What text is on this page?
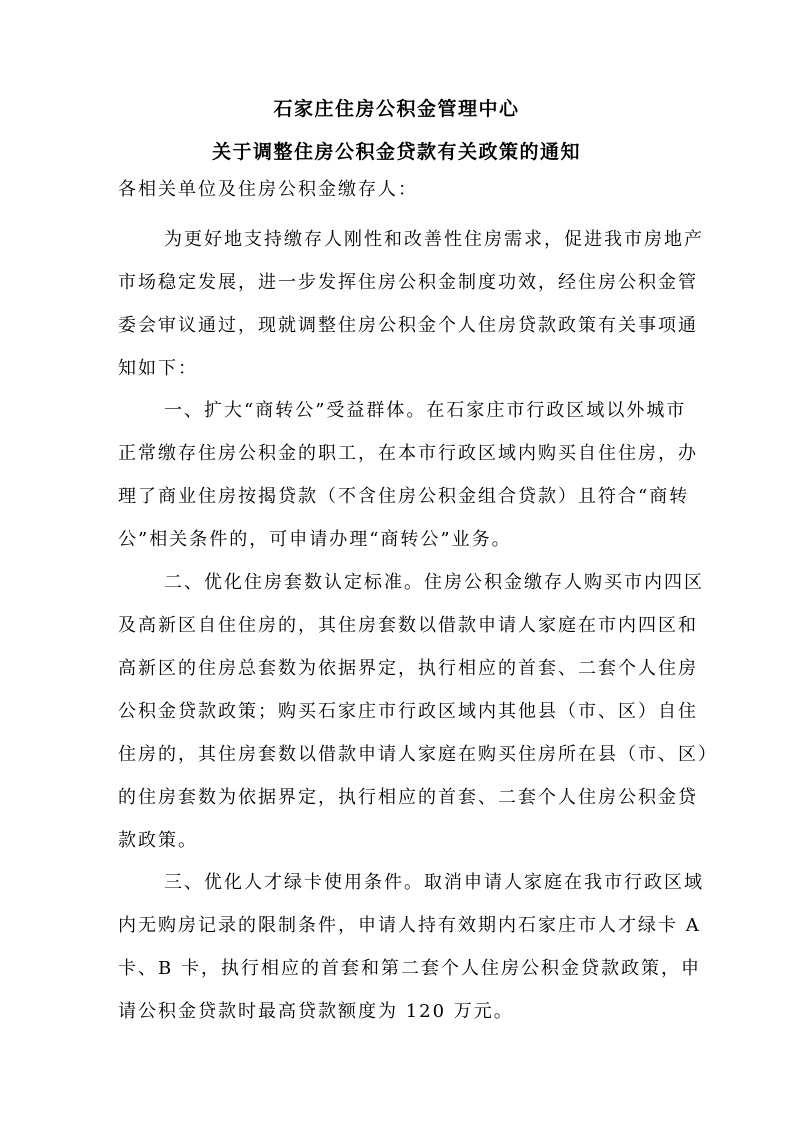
石家庄住房公积金管理中心
关于调整住房公积金贷款有关政策的通知
各相关单位及住房公积金缴存人：
为更好地支持缴存人刚性和改善性住房需求，促进我市房地产
市场稳定发展，进一步发挥住房公积金制度功效，经住房公积金管
委会审议通过，现就调整住房公积金个人住房贷款政策有关事项通
知如下：
一、扩大“商转公”受益群体。在石家庄市行政区域以外城市
正常缴存住房公积金的职工，在本市行政区域内购买自住住房，办
理了商业住房按揭贷款（不含住房公积金组合贷款）且符合“商转
公”相关条件的，可申请办理“商转公”业务。
二、优化住房套数认定标准。住房公积金缴存人购买市内四区
及高新区自住住房的，其住房套数以借款申请人家庭在市内四区和
高新区的住房总套数为依据界定，执行相应的首套、二套个人住房
公积金贷款政策；购买石家庄市行政区域内其他县（市、区）自住
住房的，其住房套数以借款申请人家庭在购买住房所在县（市、区）
的住房套数为依据界定，执行相应的首套、二套个人住房公积金贷
款政策。
三、优化人才绿卡使用条件。取消申请人家庭在我市行政区域
内无购房记录的限制条件，申请人持有效期内石家庄市人才绿卡 A
卡、B 卡，执行相应的首套和第二套个人住房公积金贷款政策，申
请公积金贷款时最高贷款额度为 120 万元。
